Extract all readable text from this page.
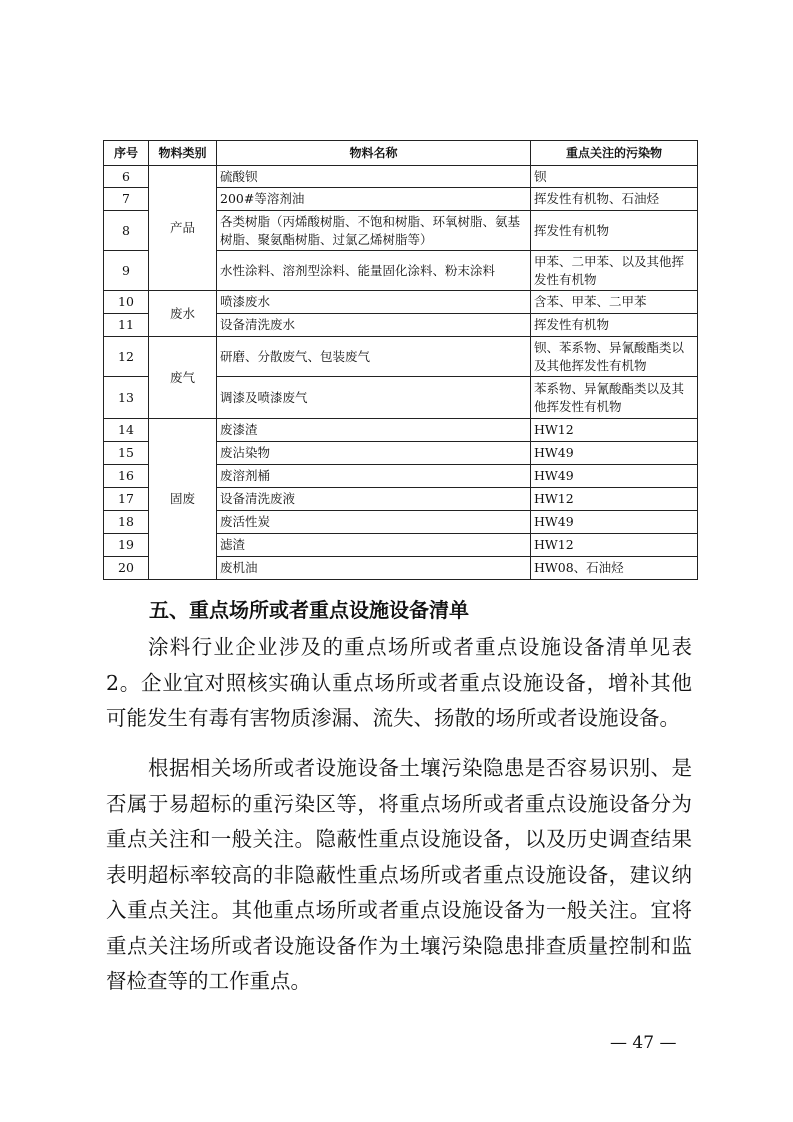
序号	物料类别	物料名称	重点关注的污染物
6	产品	硫酸钡	钡
7		200#等溶剂油	挥发性有机物、石油烃
8		各类树脂（丙烯酸树脂、不饱和树脂、环氧树脂、氨基树脂、聚氨酯树脂、过氯乙烯树脂等）	挥发性有机物
9		水性涂料、溶剂型涂料、能量固化涂料、粉末涂料	甲苯、二甲苯、以及其他挥发性有机物
10	废水	喷漆废水	含苯、甲苯、二甲苯
11		设备清洗废水	挥发性有机物
12	废气	研磨、分散废气、包装废气	钡、苯系物、异氰酸酯类以及其他挥发性有机物
13		调漆及喷漆废气	苯系物、异氰酸酯类以及其他挥发性有机物
14	固废	废漆渣	HW12
15		废沾染物	HW49
16		废溶剂桶	HW49
17		设备清洗废液	HW12
18		废活性炭	HW49
19		滤渣	HW12
20		废机油	HW08、石油烃
五、重点场所或者重点设施设备清单

涂料行业企业涉及的重点场所或者重点设施设备清单见表2。企业宜对照核实确认重点场所或者重点设施设备，增补其他可能发生有毒有害物质渗漏、流失、扬散的场所或者设施设备。

根据相关场所或者设施设备土壤污染隐患是否容易识别、是否属于易超标的重污染区等，将重点场所或者重点设施设备分为重点关注和一般关注。隐蔽性重点设施设备，以及历史调查结果表明超标率较高的非隐蔽性重点场所或者重点设施设备，建议纳入重点关注。其他重点场所或者重点设施设备为一般关注。宜将重点关注场所或者设施设备作为土壤污染隐患排查质量控制和监督检查等的工作重点。

— 47 —
